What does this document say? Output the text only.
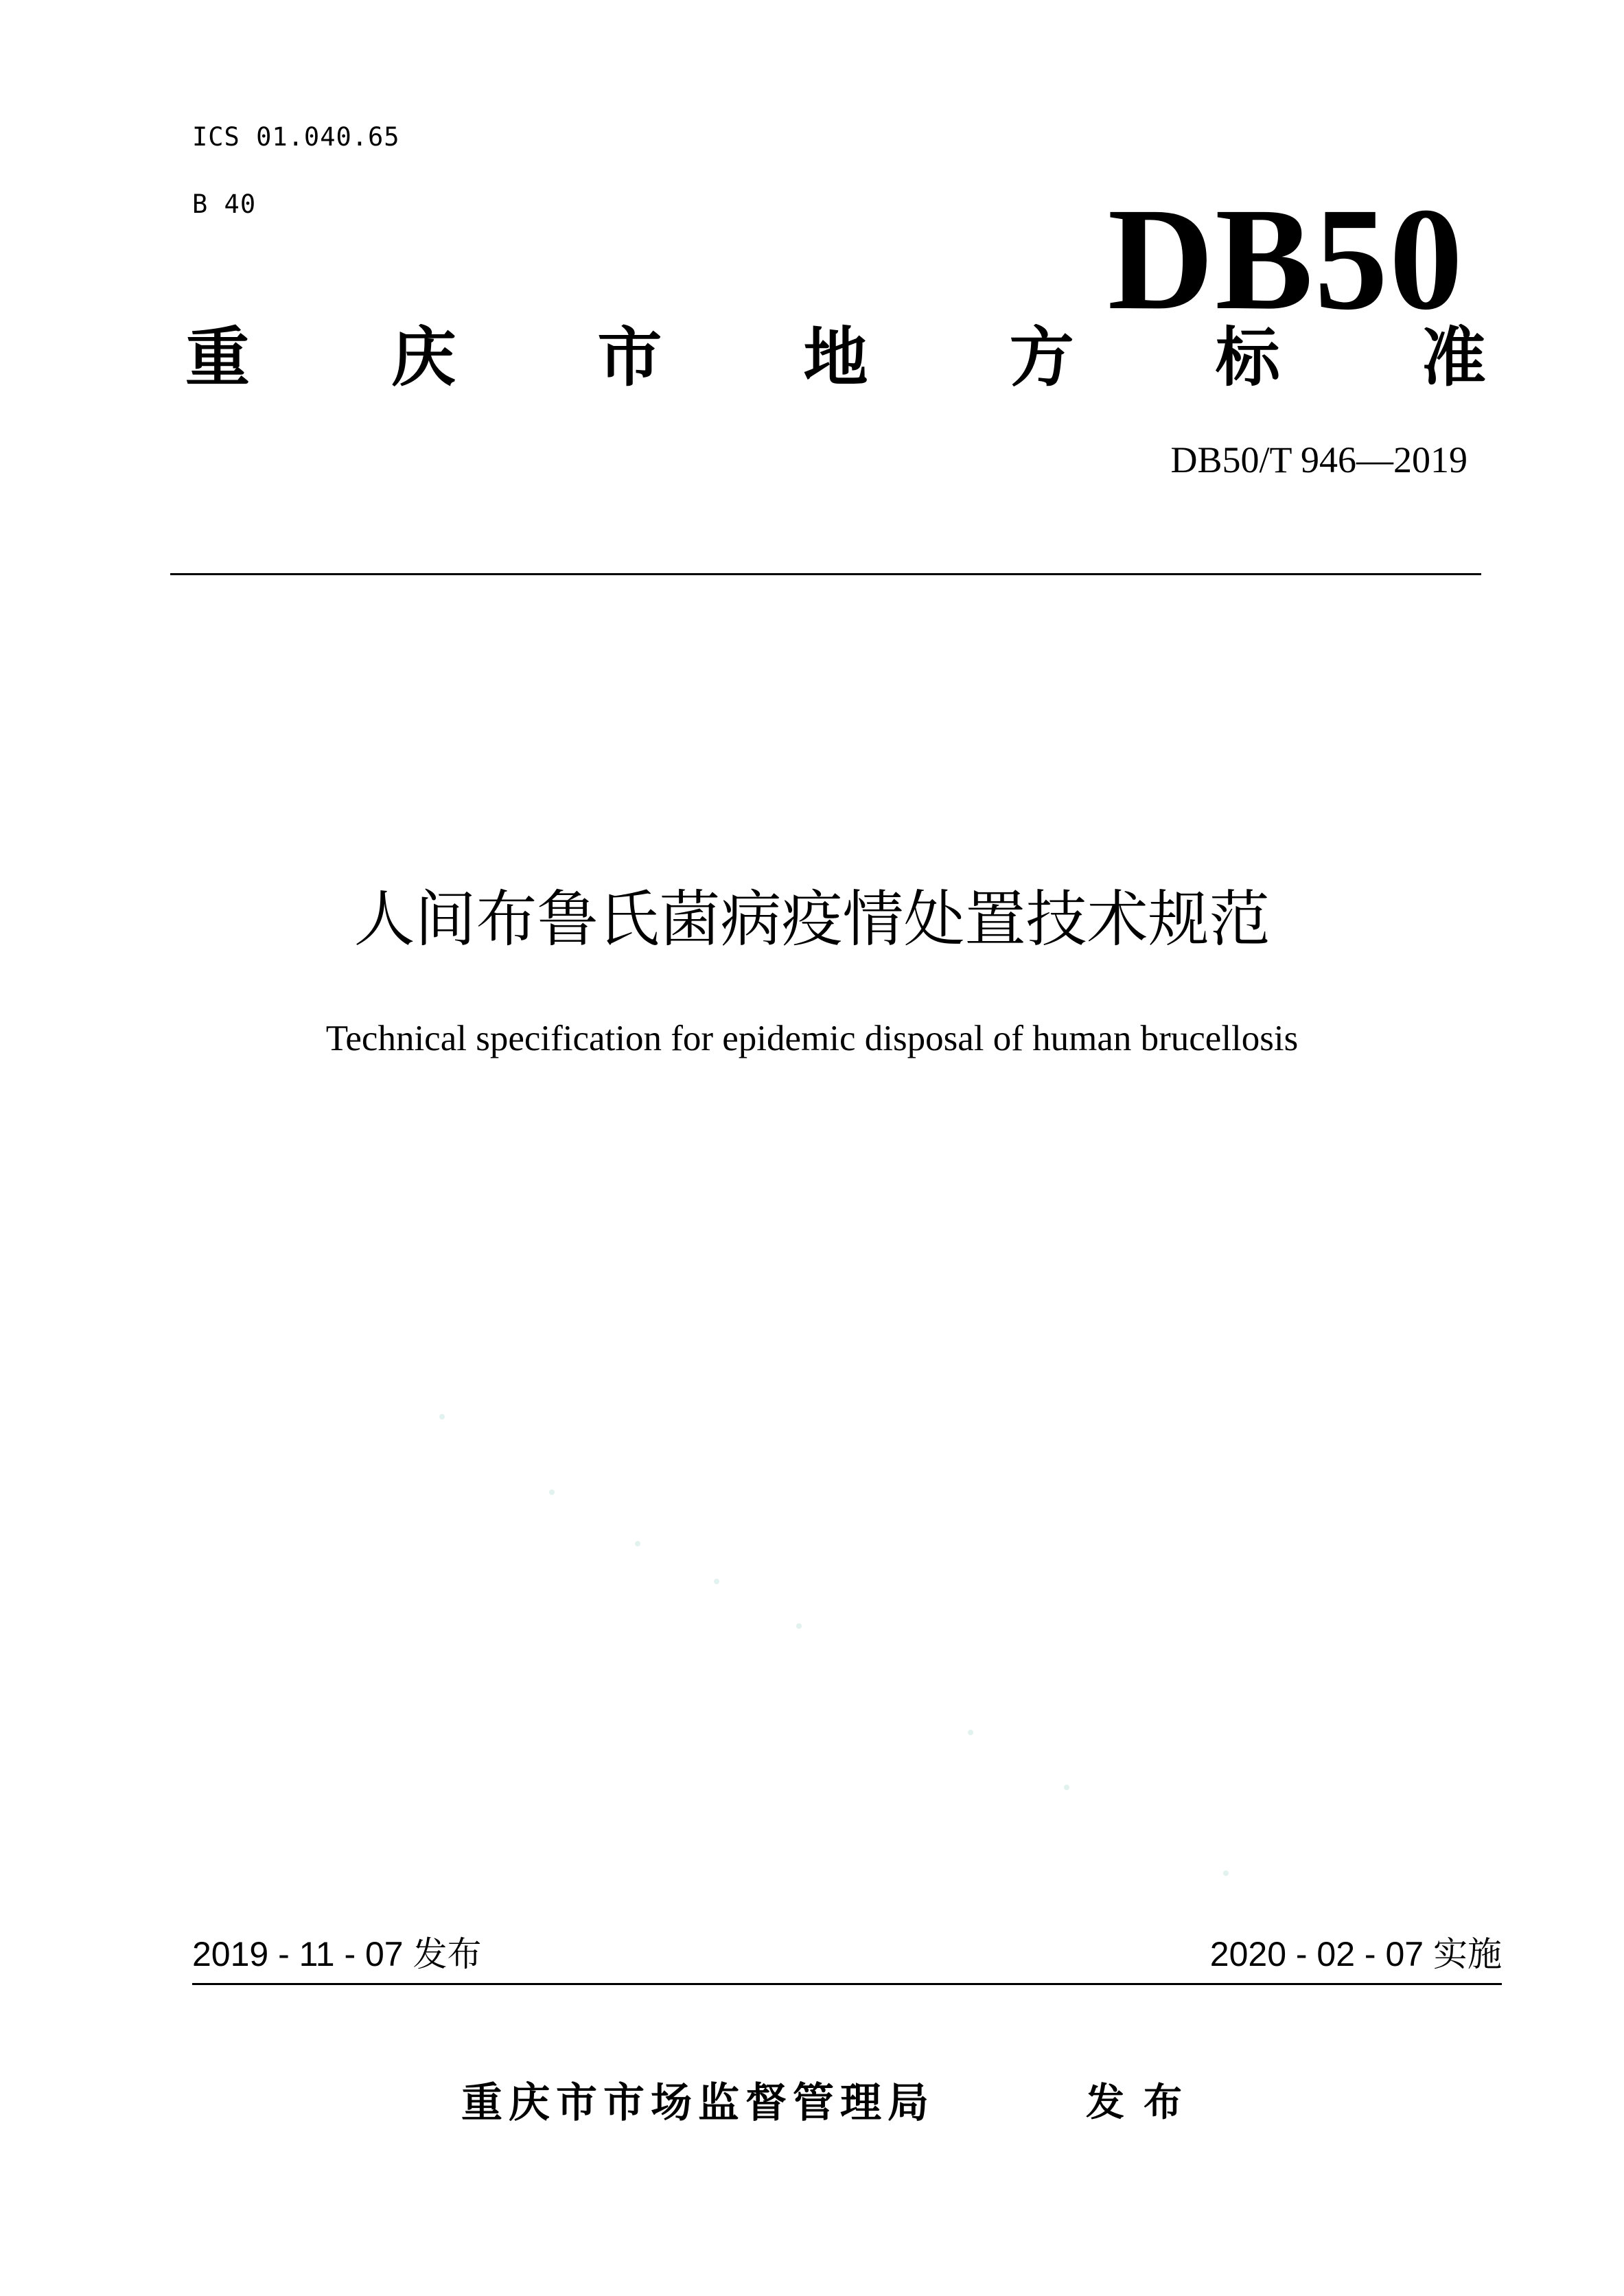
ICS 01.040.65
B 40	DB50
重 庆 市 地 方 标 准
DB50/T 946—2019
人间布鲁氏菌病疫情处置技术规范
Technical specification for epidemic disposal of human brucellosis
2019 - 11 - 07 发布	2020 - 02 - 07 实施
重庆市市场监督管理局	发布
